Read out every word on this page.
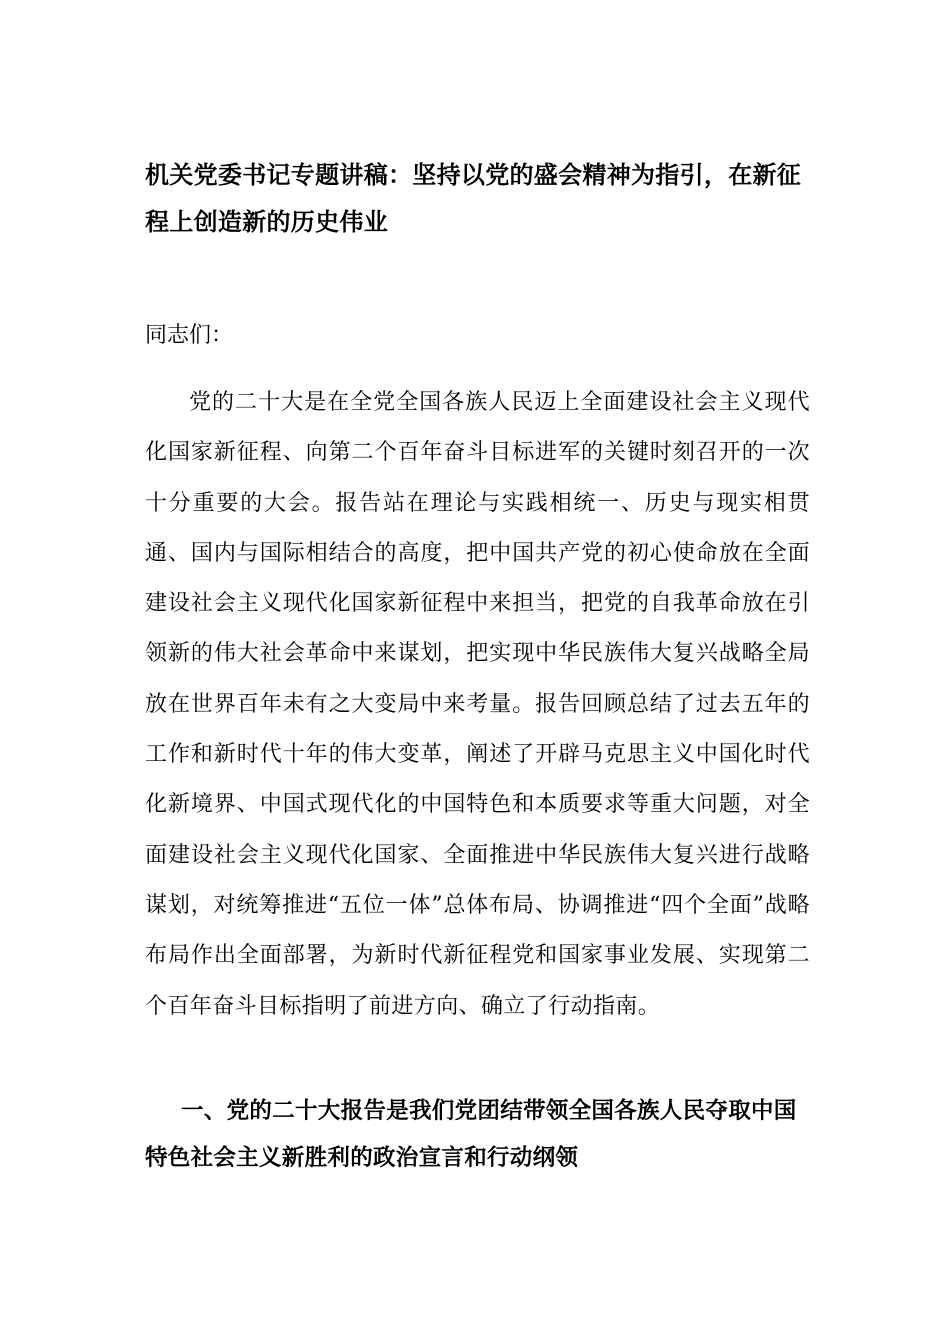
机关党委书记专题讲稿：坚持以党的盛会精神为指引，在新征程上创造新的历史伟业

同志们：

党的二十大是在全党全国各族人民迈上全面建设社会主义现代化国家新征程、向第二个百年奋斗目标进军的关键时刻召开的一次十分重要的大会。报告站在理论与实践相统一、历史与现实相贯通、国内与国际相结合的高度，把中国共产党的初心使命放在全面建设社会主义现代化国家新征程中来担当，把党的自我革命放在引领新的伟大社会革命中来谋划，把实现中华民族伟大复兴战略全局放在世界百年未有之大变局中来考量。报告回顾总结了过去五年的工作和新时代十年的伟大变革，阐述了开辟马克思主义中国化时代化新境界、中国式现代化的中国特色和本质要求等重大问题，对全面建设社会主义现代化国家、全面推进中华民族伟大复兴进行战略谋划，对统筹推进“五位一体”总体布局、协调推进“四个全面”战略布局作出全面部署，为新时代新征程党和国家事业发展、实现第二个百年奋斗目标指明了前进方向、确立了行动指南。

一、党的二十大报告是我们党团结带领全国各族人民夺取中国特色社会主义新胜利的政治宣言和行动纲领
